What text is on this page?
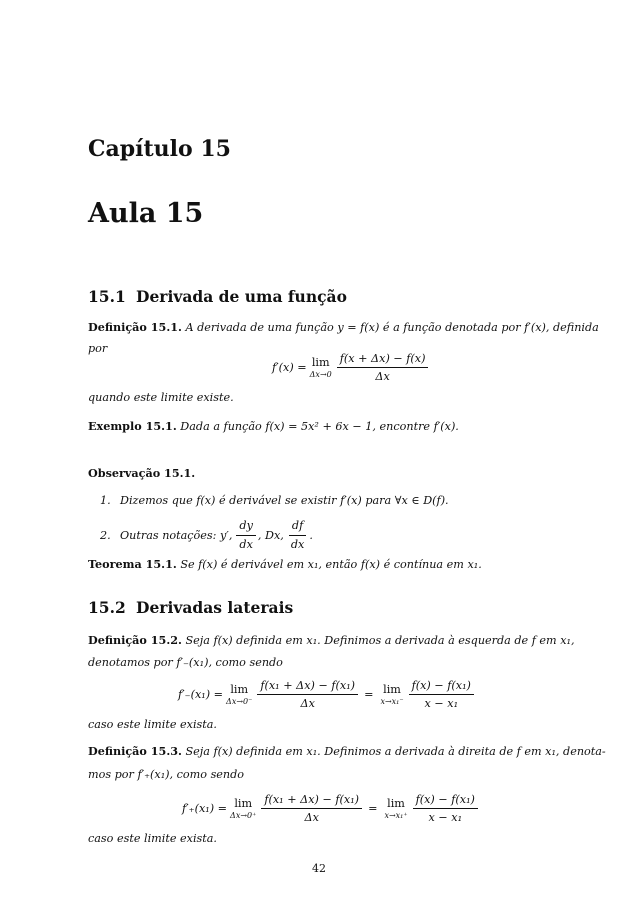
Capítulo 15
Aula 15
15.1 Derivada de uma função
Definição 15.1. A derivada de uma função y = f(x) é a função denotada por f′(x), definida
por
f′(x) = lim
$\Delta x\to 0 \frac{f(x + \Delta x) - f(x)}{\Delta x}$
quando este limite existe.
Exemplo 15.1. Dada a função f(x) = 5x² + 6x − 1, encontre f′(x).
Observação 15.1.
1. Dizemos que f(x) é derivável se existir f′(x) para ∀x ∈ D(f).
2. Outras notações: y′, $\frac{dy}{dx}$ , Dx, $\frac{df}{dx}$ .
Teorema 15.1. Se f(x) é derivável em x₁, então f(x) é contínua em x₁.
15.2 Derivadas laterais
Definição 15.2. Seja f(x) definida em x₁. Definimos a derivada à esquerda de f em x₁,
denotamos por f′₋(x₁), como sendo
f′₋(x₁) = lim
$\Delta x\to 0^- \frac{\text{f(x₁ + Δx) − f(x₁)}}{\Delta x} = \lim$
$x\to x_1^- \frac{\text{f(x) − f(x₁)}}{\text{x − x₁}}$
caso este limite exista.
Definição 15.3. Seja f(x) definida em x₁. Definimos a derivada à direita de f em x₁, denota-
mos por f′₊(x₁), como sendo
f′₊(x₁) = lim
$\Delta x\to 0^+ \frac{\text{f(x₁ + Δx) − f(x₁)}}{\Delta x} = \lim$
$x\to x_1^+ \frac{\text{f(x) − f(x₁)}}{\text{x − x₁}}$
caso este limite exista.
42
